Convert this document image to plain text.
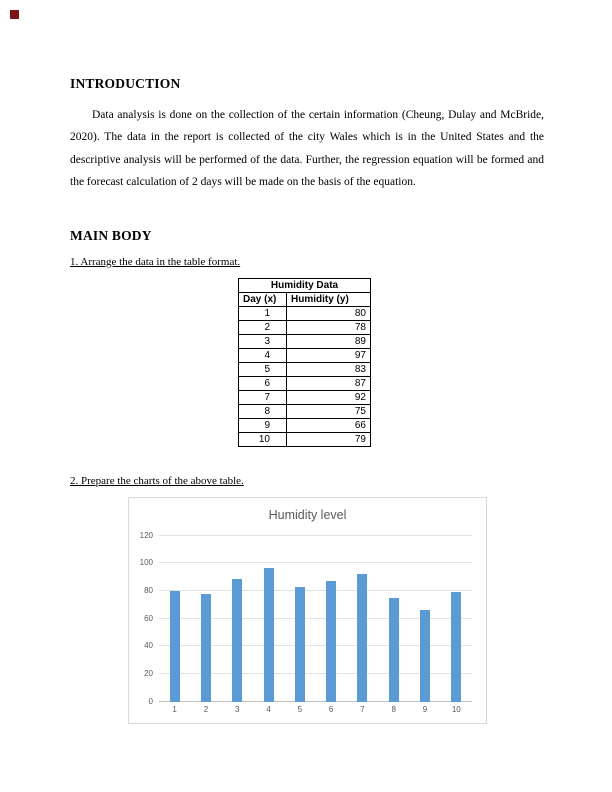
INTRODUCTION

Data analysis is done on the collection of the certain information (Cheung, Dulay and McBride, 2020). The data in the report is collected of the city Wales which is in the United States and the descriptive analysis will be performed of the data. Further, the regression equation will be formed and the forecast calculation of 2 days will be made on the basis of the equation.

MAIN BODY

1. Arrange the data in the table format.

Humidity Data	
Day (x)	Humidity (y)
1	80
2	78
3	89
4	97
5	83
6	87
7	92
8	75
9	66
10	79

2. Prepare the charts of the above table.

Humidity level
0
20
40
60
80
100
120
1	2	3	4	5	6	7	8	9	10
